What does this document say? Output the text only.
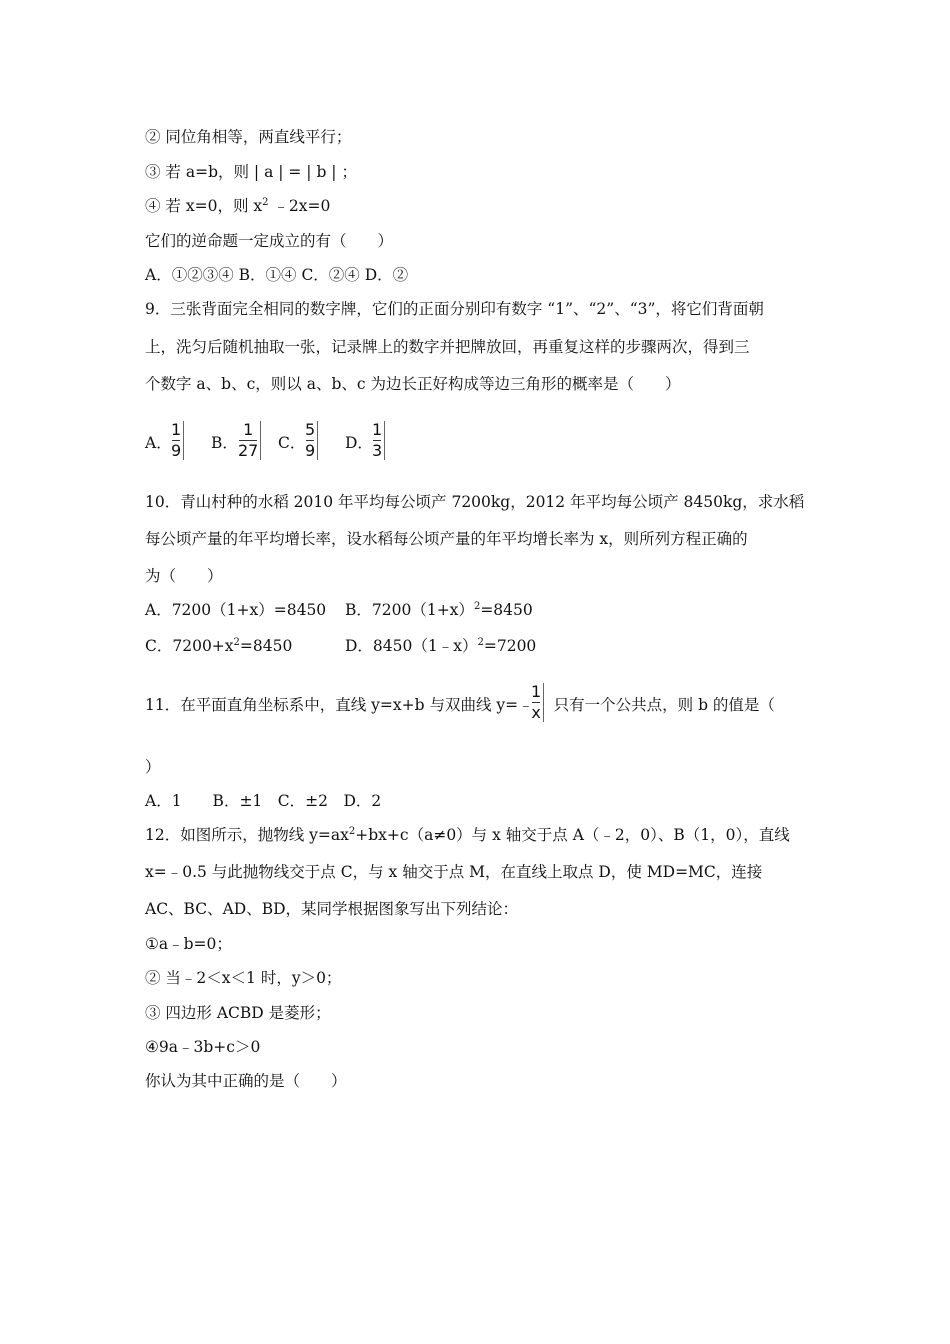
② 同位角相等，两直线平行；
③ 若 a=b，则 | a | = | b | ；
④ 若 x=0，则 $x^2$ ﹣2x=0
它们的逆命题一定成立的有（　　）
A．①②③④ B．①④ C．②④ D．②
9．三张背面完全相同的数字牌，它们的正面分别印有数字 “1”、“2”、“3”，将它们背面朝
上，洗匀后随机抽取一张，记录牌上的数字并把牌放回，再重复这样的步骤两次，得到三
个数字 a、b、c，则以 a、b、c 为边长正好构成等边三角形的概率是（　　）
A．
1
9 B．
1
27 C．
5
9 D．
1
3
10．青山村种的水稻 2010 年平均每公顷产 7200kg，2012 年平均每公顷产 8450kg，求水稻
每公顷产量的年平均增长率，设水稻每公顷产量的年平均增长率为 x，则所列方程正确的
为（　　）
A．7200（1+x）=8450 B．$7200(1+x)^2=8450$
C．$7200+x^2=8450$	D．8450（1﹣x）$^2$=7200
11．在平面直角坐标系中，直线 y=x+b 与双曲线 y=﹣ 只有一个公共点，则 b 的值是（
1
x
）
A．1　　B．±1　C．±2　D．2
12．如图所示，抛物线 $y=ax^2+bx+c(a\ne 0)$与 x 轴交于点 A（﹣2，0）、B（1，0），直线
x=﹣0.5 与此抛物线交于点 C，与 x 轴交于点 M，在直线上取点 D，使 MD=MC，连接
AC、BC、AD、BD，某同学根据图象写出下列结论：
①a﹣b=0；
② 当﹣2＜x＜1 时，y＞0；
③ 四边形 ACBD 是菱形；
④9a﹣3b+c＞0
你认为其中正确的是（　　）
